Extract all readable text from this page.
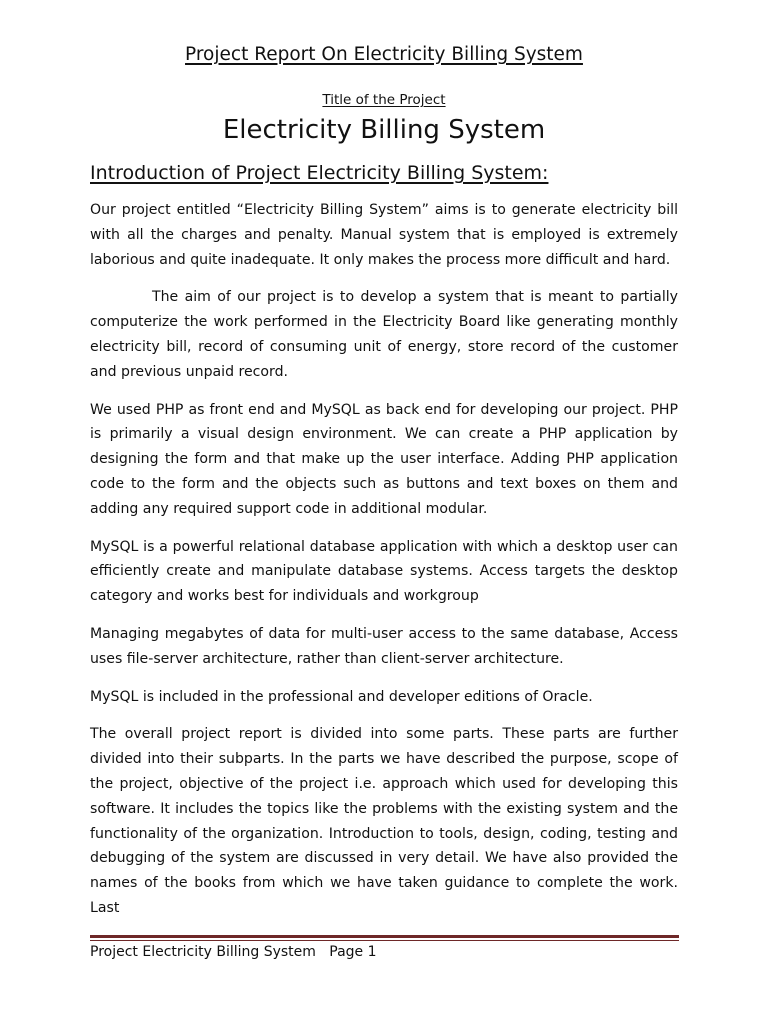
Project Report On Electricity Billing System
Title of the Project
Electricity Billing System
Introduction of Project Electricity Billing System:

Our project entitled “Electricity Billing System” aims is to generate electricity bill with all the charges and penalty. Manual system that is employed is extremely laborious and quite inadequate. It only makes the process more difficult and hard.

The aim of our project is to develop a system that is meant to partially computerize the work performed in the Electricity Board like generating monthly electricity bill, record of consuming unit of energy, store record of the customer and previous unpaid record.

We used PHP as front end and MySQL as back end for developing our project. PHP is primarily a visual design environment. We can create a PHP application by designing the form and that make up the user interface. Adding PHP application code to the form and the objects such as buttons and text boxes on them and adding any required support code in additional modular.

MySQL is a powerful relational database application with which a desktop user can efficiently create and manipulate database systems. Access targets the desktop category and works best for individuals and workgroup

Managing megabytes of data for multi-user access to the same database, Access uses file-server architecture, rather than client-server architecture.

MySQL is included in the professional and developer editions of Oracle.

The overall project report is divided into some parts. These parts are further divided into their subparts. In the parts we have described the purpose, scope of the project, objective of the project i.e. approach which used for developing this software. It includes the topics like the problems with the existing system and the functionality of the organization. Introduction to tools, design, coding, testing and debugging of the system are discussed in very detail. We have also provided the names of the books from which we have taken guidance to complete the work. Last

Project Electricity Billing System   Page 1
